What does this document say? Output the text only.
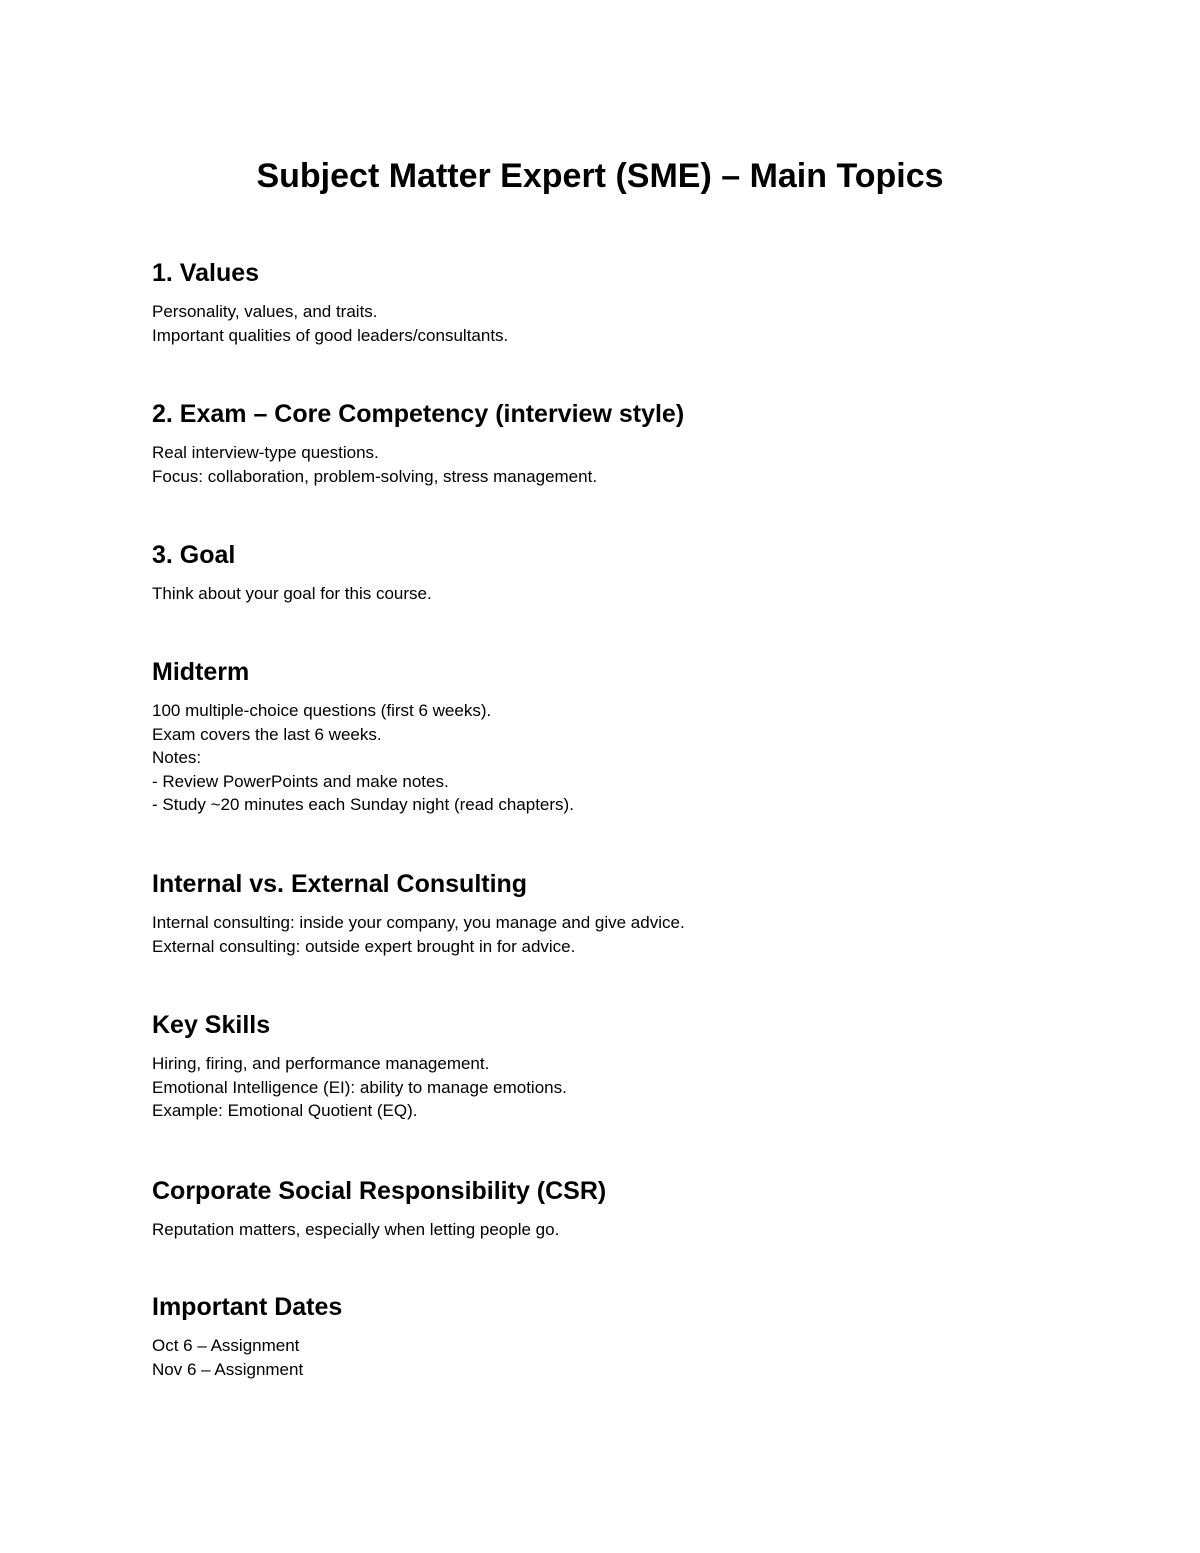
Subject Matter Expert (SME) – Main Topics
1. Values
Personality, values, and traits.
Important qualities of good leaders/consultants.
2. Exam – Core Competency (interview style)
Real interview-type questions.
Focus: collaboration, problem-solving, stress management.
3. Goal
Think about your goal for this course.
Midterm
100 multiple-choice questions (first 6 weeks).
Exam covers the last 6 weeks.
Notes:
- Review PowerPoints and make notes.
- Study ~20 minutes each Sunday night (read chapters).
Internal vs. External Consulting
Internal consulting: inside your company, you manage and give advice.
External consulting: outside expert brought in for advice.
Key Skills
Hiring, firing, and performance management.
Emotional Intelligence (EI): ability to manage emotions.
Example: Emotional Quotient (EQ).
Corporate Social Responsibility (CSR)
Reputation matters, especially when letting people go.
Important Dates
Oct 6 – Assignment
Nov 6 – Assignment
